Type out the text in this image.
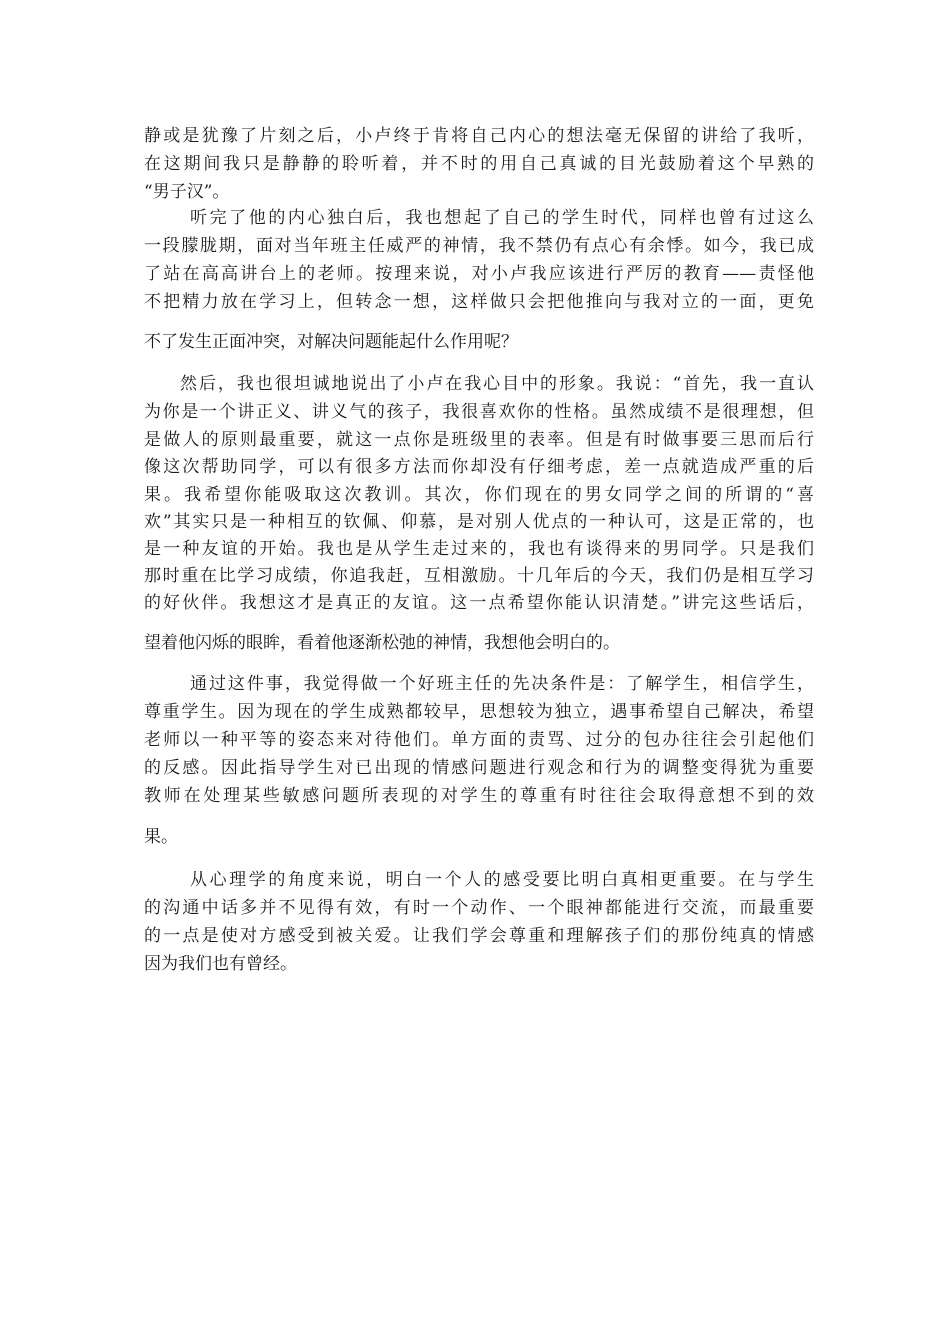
静或是犹豫了片刻之后，小卢终于肯将自己内心的想法毫无保留的讲给了我听，
在这期间我只是静静的聆听着，并不时的用自己真诚的目光鼓励着这个早熟的
“男子汉”。
听完了他的内心独白后，我也想起了自己的学生时代，同样也曾有过这么
一段朦胧期，面对当年班主任威严的神情，我不禁仍有点心有余悸。如今，我已成
了站在高高讲台上的老师。按理来说，对小卢我应该进行严厉的教育——责怪他
不把精力放在学习上，但转念一想，这样做只会把他推向与我对立的一面，更免
不了发生正面冲突，对解决问题能起什么作用呢？
然后，我也很坦诚地说出了小卢在我心目中的形象。我说：“首先，我一直认
为你是一个讲正义、讲义气的孩子，我很喜欢你的性格。虽然成绩不是很理想，但
是做人的原则最重要，就这一点你是班级里的表率。但是有时做事要三思而后行
像这次帮助同学，可以有很多方法而你却没有仔细考虑，差一点就造成严重的后
果。我希望你能吸取这次教训。其次，你们现在的男女同学之间的所谓的“喜
欢”其实只是一种相互的钦佩、仰慕，是对别人优点的一种认可，这是正常的，也
是一种友谊的开始。我也是从学生走过来的，我也有谈得来的男同学。只是我们
那时重在比学习成绩，你追我赶，互相激励。十几年后的今天，我们仍是相互学习
的好伙伴。我想这才是真正的友谊。这一点希望你能认识清楚。”讲完这些话后，
望着他闪烁的眼眸，看着他逐渐松弛的神情，我想他会明白的。
通过这件事，我觉得做一个好班主任的先决条件是：了解学生，相信学生，
尊重学生。因为现在的学生成熟都较早，思想较为独立，遇事希望自己解决，希望
老师以一种平等的姿态来对待他们。单方面的责骂、过分的包办往往会引起他们
的反感。因此指导学生对已出现的情感问题进行观念和行为的调整变得犹为重要
教师在处理某些敏感问题所表现的对学生的尊重有时往往会取得意想不到的效
果。
从心理学的角度来说，明白一个人的感受要比明白真相更重要。在与学生
的沟通中话多并不见得有效，有时一个动作、一个眼神都能进行交流，而最重要
的一点是使对方感受到被关爱。让我们学会尊重和理解孩子们的那份纯真的情感
因为我们也有曾经。
